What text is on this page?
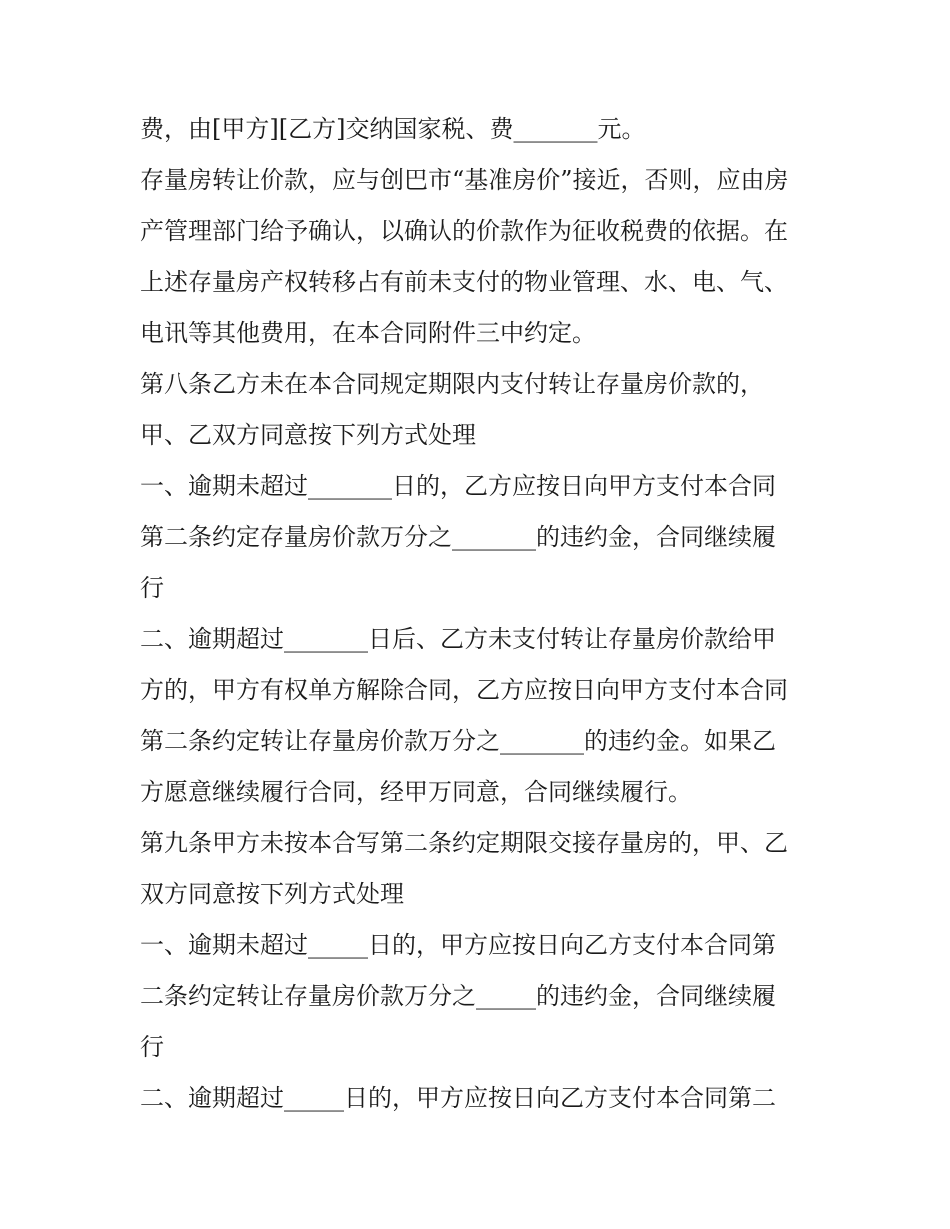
费，由[甲方][乙方]交纳国家税、费_______元。

存量房转让价款，应与创巴市“基准房价”接近，否则，应由房

产管理部门给予确认，以确认的价款作为征收税费的依据。在

上述存量房产权转移占有前未支付的物业管理、水、电、气、

电讯等其他费用，在本合同附件三中约定。

第八条乙方未在本合同规定期限内支付转让存量房价款的，

甲、乙双方同意按下列方式处理

一、逾期未超过_______日的，乙方应按日向甲方支付本合同

第二条约定存量房价款万分之_______的违约金，合同继续履

行

二、逾期超过_______日后、乙方未支付转让存量房价款给甲

方的，甲方有权单方解除合同，乙方应按日向甲方支付本合同

第二条约定转让存量房价款万分之_______的违约金。如果乙

方愿意继续履行合同，经甲万同意，合同继续履行。

第九条甲方未按本合写第二条约定期限交接存量房的，甲、乙

双方同意按下列方式处理

一、逾期未超过_____日的，甲方应按日向乙方支付本合同第

二条约定转让存量房价款万分之_____的违约金，合同继续履

行

二、逾期超过_____日的，甲方应按日向乙方支付本合同第二
